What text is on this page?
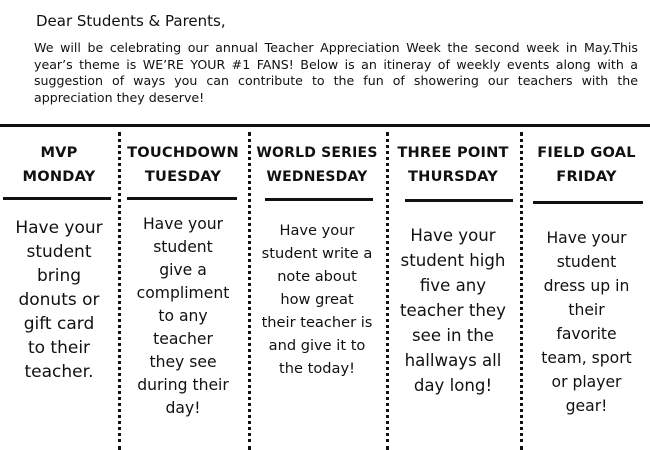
Dear Students & Parents,
We will be celebrating our annual Teacher Appreciation Week the second week in May.This year’s theme is WE’RE YOUR #1 FANS! Below is an itineray of weekly events along with a suggestion of ways you can contribute to the fun of showering our teachers with the appreciation they deserve!
MVP
MONDAY
Have your
student
bring
donuts or
gift card
to their
teacher.
TOUCHDOWN
TUESDAY
Have your
student
give a
compliment
to any
teacher
they see
during their
day!
WORLD SERIES
WEDNESDAY
Have your
student write a
note about
how great
their teacher is
and give it to
the today!
THREE POINT
THURSDAY
Have your
student high
five any
teacher they
see in the
hallways all
day long!
FIELD GOAL
FRIDAY
Have your
student
dress up in
their
favorite
team, sport
or player
gear!
